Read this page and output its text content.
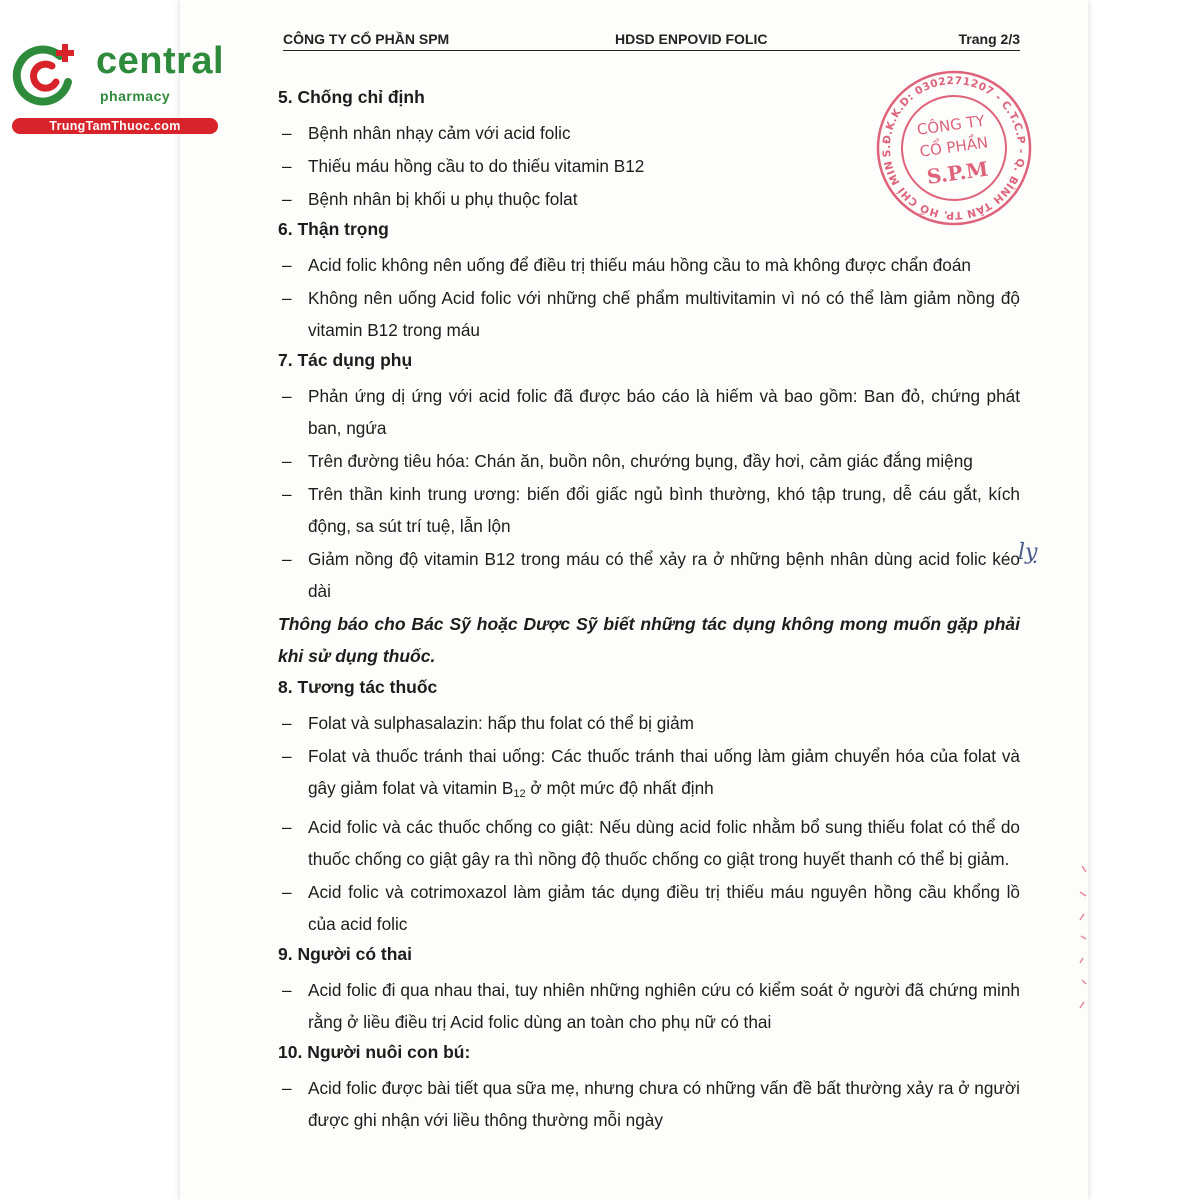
central
pharmacy
TrungTamThuoc.com
CÔNG TY CỔ PHẦN SPM	HDSD ENPOVID FOLIC	Trang 2/3
S.Đ.K.K.D: 0302271207 - C.T.C.P - Q. BÌNH TÂN TP. HỒ CHÍ MINH
CÔNG TY
CỔ PHẦN
S.P.M
5. Chống chỉ định
– Bệnh nhân nhạy cảm với acid folic
– Thiếu máu hồng cầu to do thiếu vitamin B12
– Bệnh nhân bị khối u phụ thuộc folat
6. Thận trọng
– Acid folic không nên uống để điều trị thiếu máu hồng cầu to mà không được chẩn đoán
– Không nên uống Acid folic với những chế phẩm multivitamin vì nó có thể làm giảm nồng độ vitamin B12 trong máu
7. Tác dụng phụ
– Phản ứng dị ứng với acid folic đã được báo cáo là hiếm và bao gồm: Ban đỏ, chứng phát ban, ngứa
– Trên đường tiêu hóa: Chán ăn, buồn nôn, chướng bụng, đầy hơi, cảm giác đắng miệng
– Trên thần kinh trung ương: biến đổi giấc ngủ bình thường, khó tập trung, dễ cáu gắt, kích động, sa sút trí tuệ, lẫn lộn
– Giảm nồng độ vitamin B12 trong máu có thể xảy ra ở những bệnh nhân dùng acid folic kéo dài
Thông báo cho Bác Sỹ hoặc Dược Sỹ biết những tác dụng không mong muốn gặp phải khi sử dụng thuốc.
8. Tương tác thuốc
– Folat và sulphasalazin: hấp thu folat có thể bị giảm
– Folat và thuốc tránh thai uống: Các thuốc tránh thai uống làm giảm chuyển hóa của folat và gây giảm folat và vitamin $B_{12}$ ở một mức độ nhất định
– Acid folic và các thuốc chống co giật: Nếu dùng acid folic nhằm bổ sung thiếu folat có thể do thuốc chống co giật gây ra thì nồng độ thuốc chống co giật trong huyết thanh có thể bị giảm.
– Acid folic và cotrimoxazol làm giảm tác dụng điều trị thiếu máu nguyên hồng cầu khổng lồ của acid folic
9. Người có thai
– Acid folic đi qua nhau thai, tuy nhiên những nghiên cứu có kiểm soát ở người đã chứng minh rằng ở liều điều trị Acid folic dùng an toàn cho phụ nữ có thai
10. Người nuôi con bú:
– Acid folic được bài tiết qua sữa mẹ, nhưng chưa có những vấn đề bất thường xảy ra ở người được ghi nhận với liều thông thường mỗi ngày
lỵ
